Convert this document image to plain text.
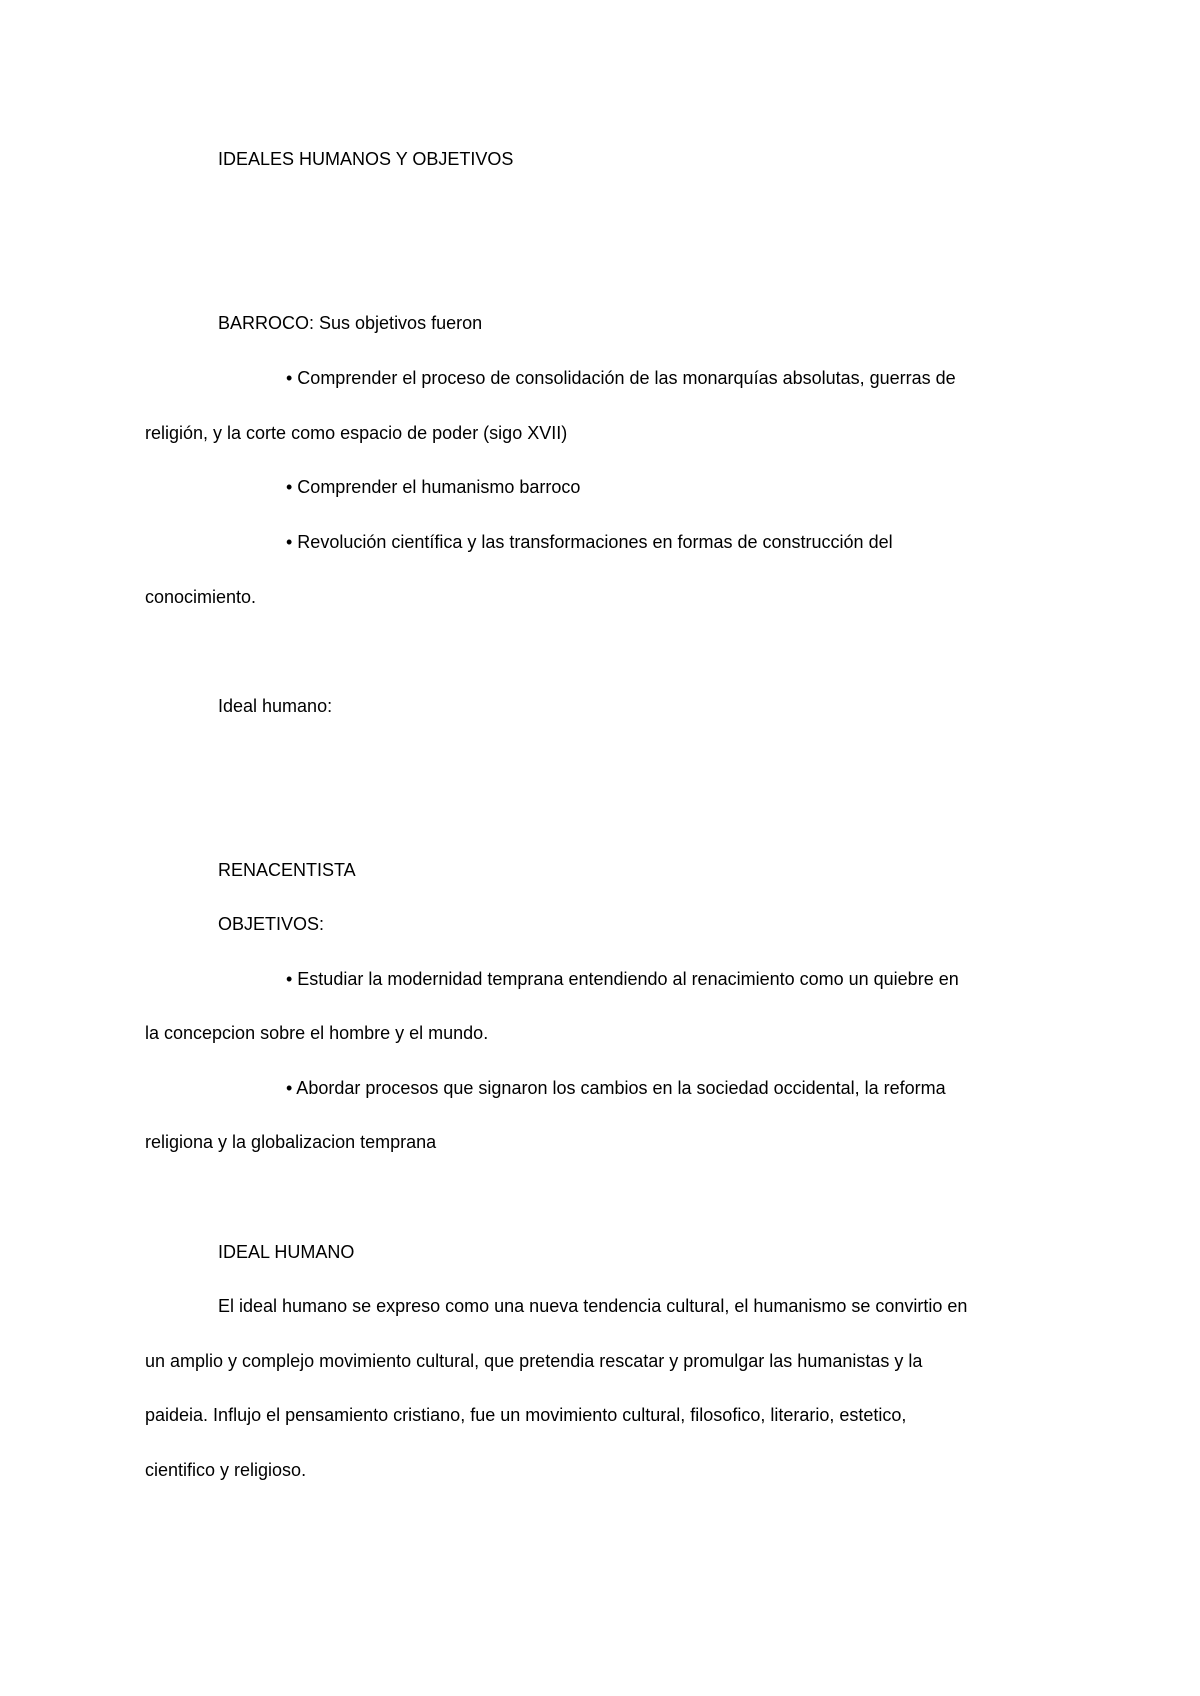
IDEALES HUMANOS Y OBJETIVOS
BARROCO: Sus objetivos fueron
• Comprender el proceso de consolidación de las monarquías absolutas, guerras de
religión, y la corte como espacio de poder (sigo XVII)
• Comprender el humanismo barroco
• Revolución científica y las transformaciones en formas de construcción del
conocimiento.
Ideal humano:
RENACENTISTA
OBJETIVOS:
• Estudiar la modernidad temprana entendiendo al renacimiento como un quiebre en
la concepcion sobre el hombre y el mundo.
• Abordar procesos que signaron los cambios en la sociedad occidental, la reforma
religiona y la globalizacion temprana
IDEAL HUMANO
El ideal humano se expreso como una nueva tendencia cultural, el humanismo se convirtio en
un amplio y complejo movimiento cultural, que pretendia rescatar y promulgar las humanistas y la
paideia. Influjo el pensamiento cristiano, fue un movimiento cultural, filosofico, literario, estetico,
cientifico y religioso.
